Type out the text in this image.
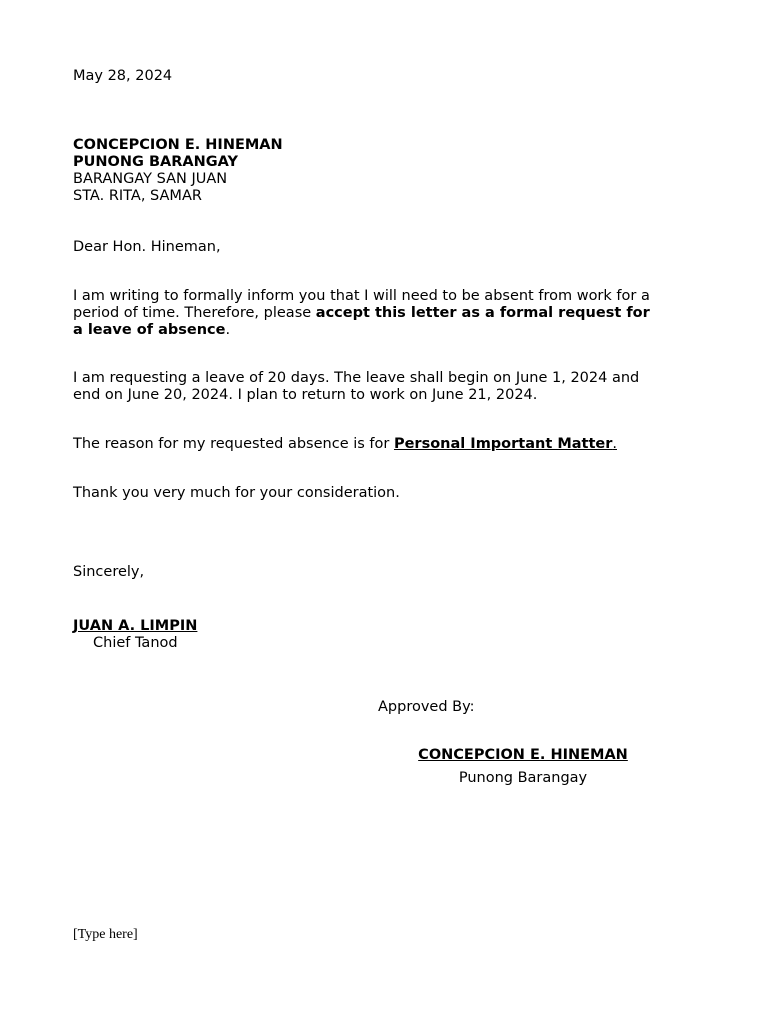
May 28, 2024
CONCEPCION E. HINEMAN
PUNONG BARANGAY
BARANGAY SAN JUAN
STA. RITA, SAMAR
Dear Hon. Hineman,
I am writing to formally inform you that I will need to be absent from work for a
period of time. Therefore, please accept this letter as a formal request for
a leave of absence.
I am requesting a leave of 20 days. The leave shall begin on June 1, 2024 and
end on June 20, 2024. I plan to return to work on June 21, 2024.
The reason for my requested absence is for Personal Important Matter.
Thank you very much for your consideration.
Sincerely,
JUAN A. LIMPIN
Chief Tanod
Approved By:
CONCEPCION E. HINEMAN
Punong Barangay
[Type here]
